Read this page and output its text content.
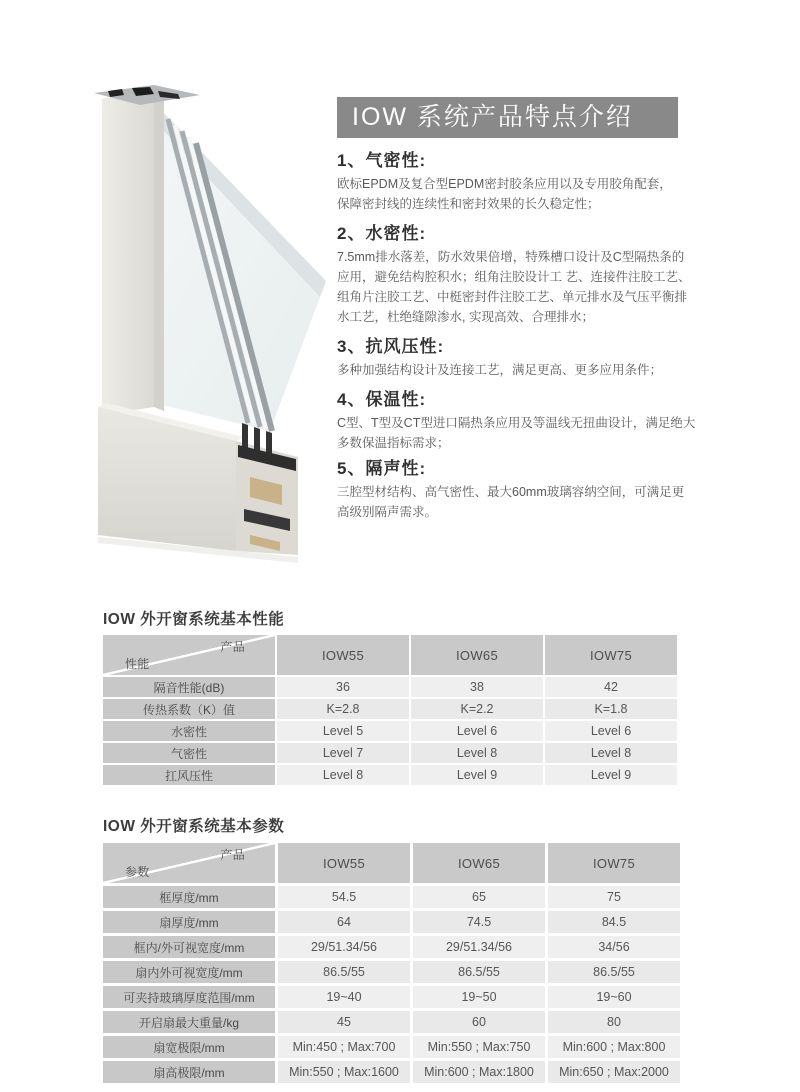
IOW 系统产品特点介绍
1、气密性:
欧标EPDM及复合型EPDM密封胶条应用以及专用胶角配套，
保障密封线的连续性和密封效果的长久稳定性；
2、水密性:
7.5mm排水落差，防水效果倍增，特殊槽口设计及C型隔热条的
应用，避免结构腔积水；组角注胶设计工 艺、连接件注胶工艺、
组角片注胶工艺、中梃密封件注胶工艺、单元排水及气压平衡排
水工艺，杜绝缝隙渗水, 实现高效、合理排水；
3、抗风压性:
多种加强结构设计及连接工艺，满足更高、更多应用条件；
4、保温性:
C型、T型及CT型进口隔热条应用及等温线无扭曲设计，满足绝大
多数保温指标需求；
5、隔声性:
三腔型材结构、高气密性、最大60mm玻璃容纳空间，可满足更
高级别隔声需求。
IOW 外开窗系统基本性能
产品
性能
IOW55	IOW65	IOW75
隔音性能(dB)	36	38	42
传热系数（K）值	K=2.8	K=2.2	K=1.8
水密性	Level 5	Level 6	Level 6
气密性	Level 7	Level 8	Level 8
扛风压性	Level 8	Level 9	Level 9
IOW 外开窗系统基本参数
产品
参数
IOW55	IOW65	IOW75
框厚度/mm	54.5	65	75
扇厚度/mm	64	74.5	84.5
框内/外可视宽度/mm	29/51.34/56	29/51.34/56	34/56
扇内外可视宽度/mm	86.5/55	86.5/55	86.5/55
可夹持玻璃厚度范围/mm	19~40	19~50	19~60
开启扇最大重量/kg	45	60	80
扇宽极限/mm	Min:450 ; Max:700	Min:550 ; Max:750	Min:600 ; Max:800
扇高极限/mm	Min:550 ; Max:1600	Min:600 ; Max:1800	Min:650 ; Max:2000
